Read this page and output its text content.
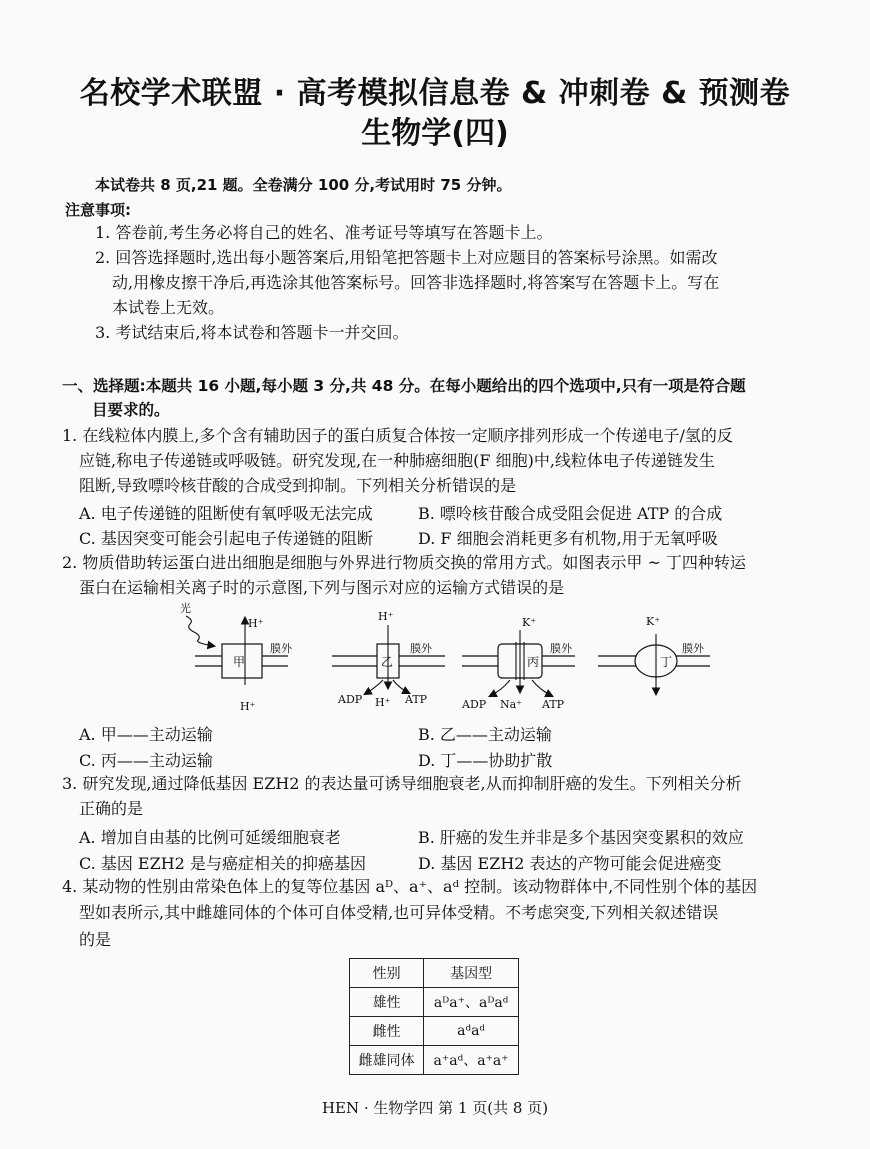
名校学术联盟 · 高考模拟信息卷 & 冲刺卷 & 预测卷
生物学(四)
本试卷共 8 页,21 题。全卷满分 100 分,考试用时 75 分钟。
注意事项:
1. 答卷前,考生务必将自己的姓名、准考证号等填写在答题卡上。
2. 回答选择题时,选出每小题答案后,用铅笔把答题卡上对应题目的答案标号涂黑。如需改
动,用橡皮擦干净后,再选涂其他答案标号。回答非选择题时,将答案写在答题卡上。写在
本试卷上无效。
3. 考试结束后,将本试卷和答题卡一并交回。
一、选择题:本题共 16 小题,每小题 3 分,共 48 分。在每小题给出的四个选项中,只有一项是符合题
目要求的。
1. 在线粒体内膜上,多个含有辅助因子的蛋白质复合体按一定顺序排列形成一个传递电子/氢的反
应链,称电子传递链或呼吸链。研究发现,在一种肺癌细胞(F 细胞)中,线粒体电子传递链发生
阻断,导致嘌呤核苷酸的合成受到抑制。下列相关分析错误的是
A. 电子传递链的阻断使有氧呼吸无法完成	B. 嘌呤核苷酸合成受阻会促进 ATP 的合成
C. 基因突变可能会引起电子传递链的阻断	D. F 细胞会消耗更多有机物,用于无氧呼吸
2. 物质借助转运蛋白进出细胞是细胞与外界进行物质交换的常用方式。如图表示甲 ~ 丁四种转运
蛋白在运输相关离子时的示意图,下列与图示对应的运输方式错误的是
光
H⁺
H⁺
膜外
甲
H⁺
膜外
乙
ADP H⁺ ATP
K⁺
膜外
丙
ADP Na⁺ ATP
K⁺
膜外
丁
A. 甲——主动运输	B. 乙——主动运输
C. 丙——主动运输	D. 丁——协助扩散
3. 研究发现,通过降低基因 EZH2 的表达量可诱导细胞衰老,从而抑制肝癌的发生。下列相关分析
正确的是
A. 增加自由基的比例可延缓细胞衰老	B. 肝癌的发生并非是多个基因突变累积的效应
C. 基因 EZH2 是与癌症相关的抑癌基因	D. 基因 EZH2 表达的产物可能会促进癌变
4. 某动物的性别由常染色体上的复等位基因 aᴰ、a⁺、aᵈ 控制。该动物群体中,不同性别个体的基因
型如表所示,其中雌雄同体的个体可自体受精,也可异体受精。不考虑突变,下列相关叙述错误
的是
性别	基因型
雄性	aᴰa⁺、aᴰaᵈ
雌性	aᵈaᵈ
雌雄同体	a⁺aᵈ、a⁺a⁺
HEN · 生物学四 第 1 页(共 8 页)
